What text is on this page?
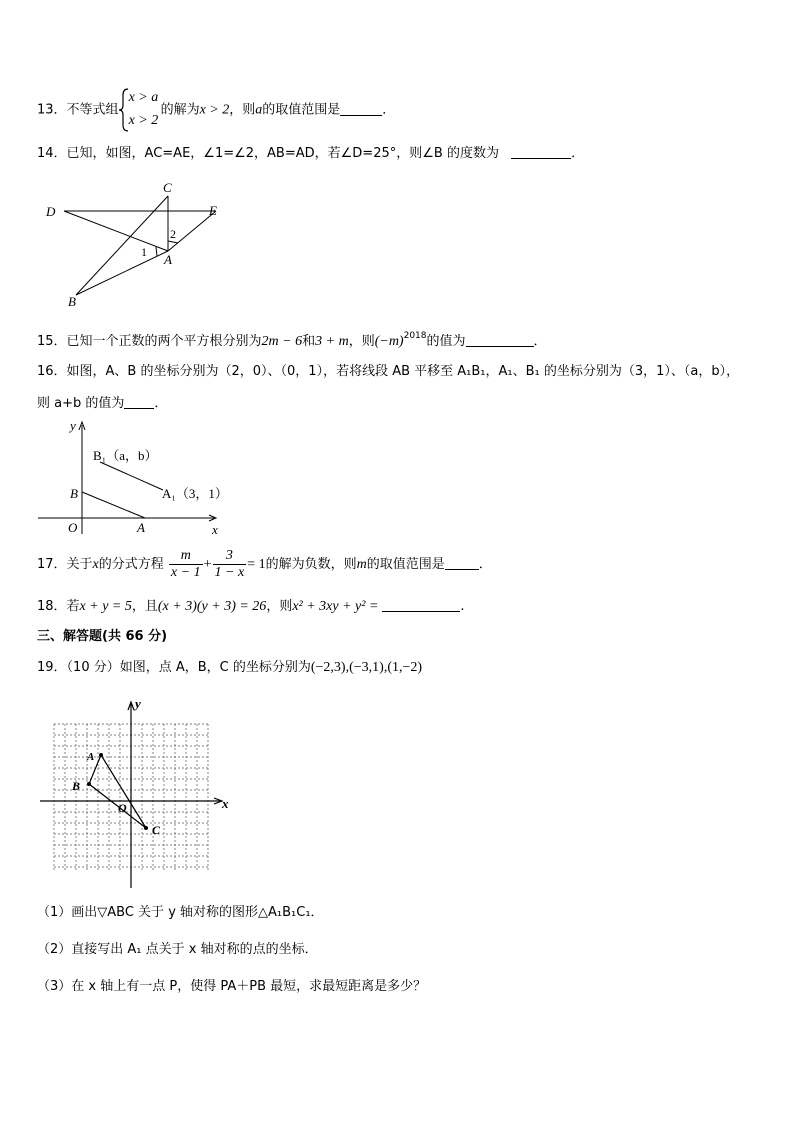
13．不等式组
x > a
x > 2
的解为x > 2，则a的取值范围是	．
14．已知，如图，AC=AE，∠1=∠2，AB=AD，若∠D=25°，则∠B 的度数为	．
C
D	E
A
B
1
2
15．已知一个正数的两个平方根分别为2m − 6和3 + m，则$(-m)^{2018}$的值为	．
16．如图，A、B 的坐标分别为（2，0）、（0，1），若将线段 AB 平移至 A₁B₁，A₁、B₁ 的坐标分别为（3，1）、（a，b），
则 a+b 的值为 ．
y
x
O	A
B
B₁（a，b）
A₁（3，1）
17．关于x的分式方程 $\frac{m}{x - 1} + \frac{3}{1 - x} = 1$的解为负数，则m的取值范围是	．
18．若x + y = 5，且(x + 3)(y + 3) = 26，则x² + 3xy + y² =	.
三、解答题(共 66 分)
19．（10 分）如图，点 A，B，C 的坐标分别为(−2,3),(−3,1),(1,−2)
y
x
O
A
B
C
（1）画出▽ABC 关于 y 轴对称的图形△A₁B₁C₁．
（2）直接写出 A₁ 点关于 x 轴对称的点的坐标．
（3）在 x 轴上有一点 P，使得 PA＋PB 最短，求最短距离是多少？
